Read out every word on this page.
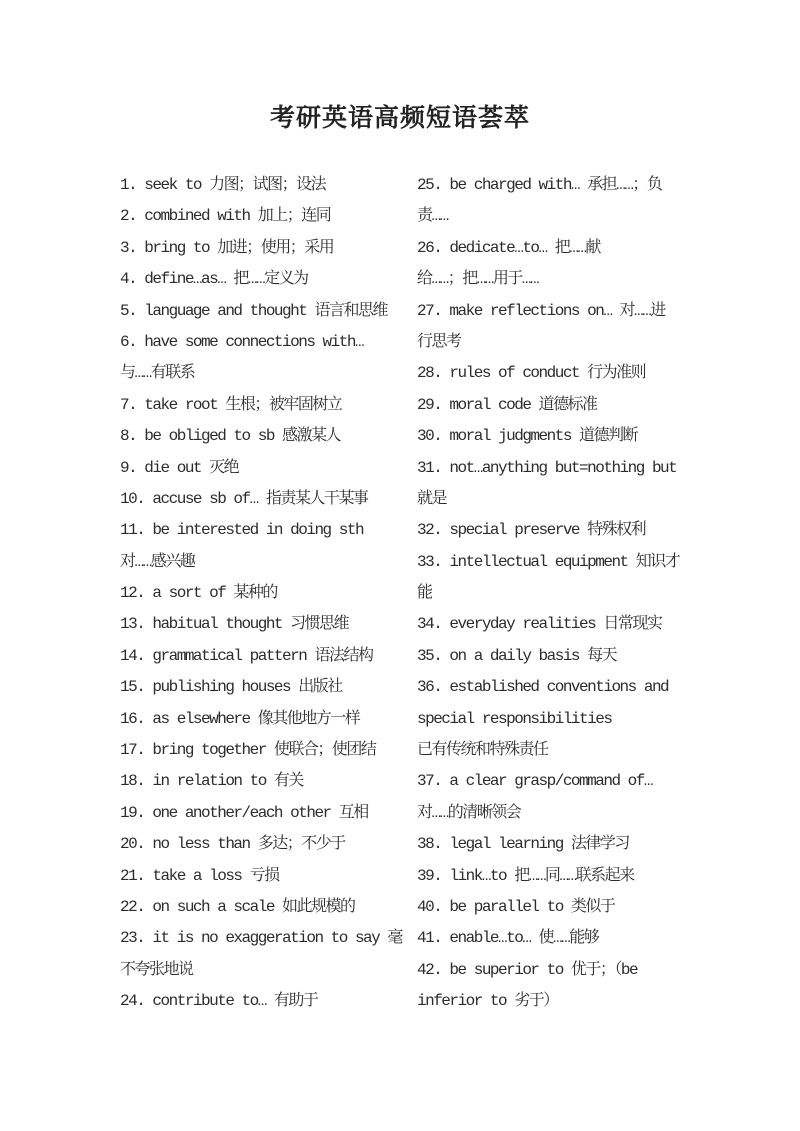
考研英语高频短语荟萃
1. seek to 力图；试图；设法
2. combined with 加上；连同
3. bring to 加进；使用；采用
4. define…as… 把……定义为
5. language and thought 语言和思维
6. have some connections with…
与……有联系
7. take root 生根；被牢固树立
8. be obliged to sb 感激某人
9. die out 灭绝
10. accuse sb of… 指责某人干某事
11. be interested in doing sth
对……感兴趣
12. a sort of 某种的
13. habitual thought 习惯思维
14. grammatical pattern 语法结构
15. publishing houses 出版社
16. as elsewhere 像其他地方一样
17. bring together 使联合；使团结
18. in relation to 有关
19. one another/each other 互相
20. no less than 多达；不少于
21. take a loss 亏损
22. on such a scale 如此规模的
23. it is no exaggeration to say 毫
不夸张地说
24. contribute to… 有助于
25. be charged with… 承担……；负
责……
26. dedicate…to… 把……献
给……；把……用于……
27. make reflections on… 对……进
行思考
28. rules of conduct 行为准则
29. moral code 道德标准
30. moral judgments 道德判断
31. not…anything but=nothing but
就是
32. special preserve 特殊权利
33. intellectual equipment 知识才
能
34. everyday realities 日常现实
35. on a daily basis 每天
36. established conventions and
special responsibilities
已有传统和特殊责任
37. a clear grasp/command of…
对……的清晰领会
38. legal learning 法律学习
39. link…to 把……同……联系起来
40. be parallel to 类似于
41. enable…to… 使……能够
42. be superior to 优于；（be
inferior to 劣于）
